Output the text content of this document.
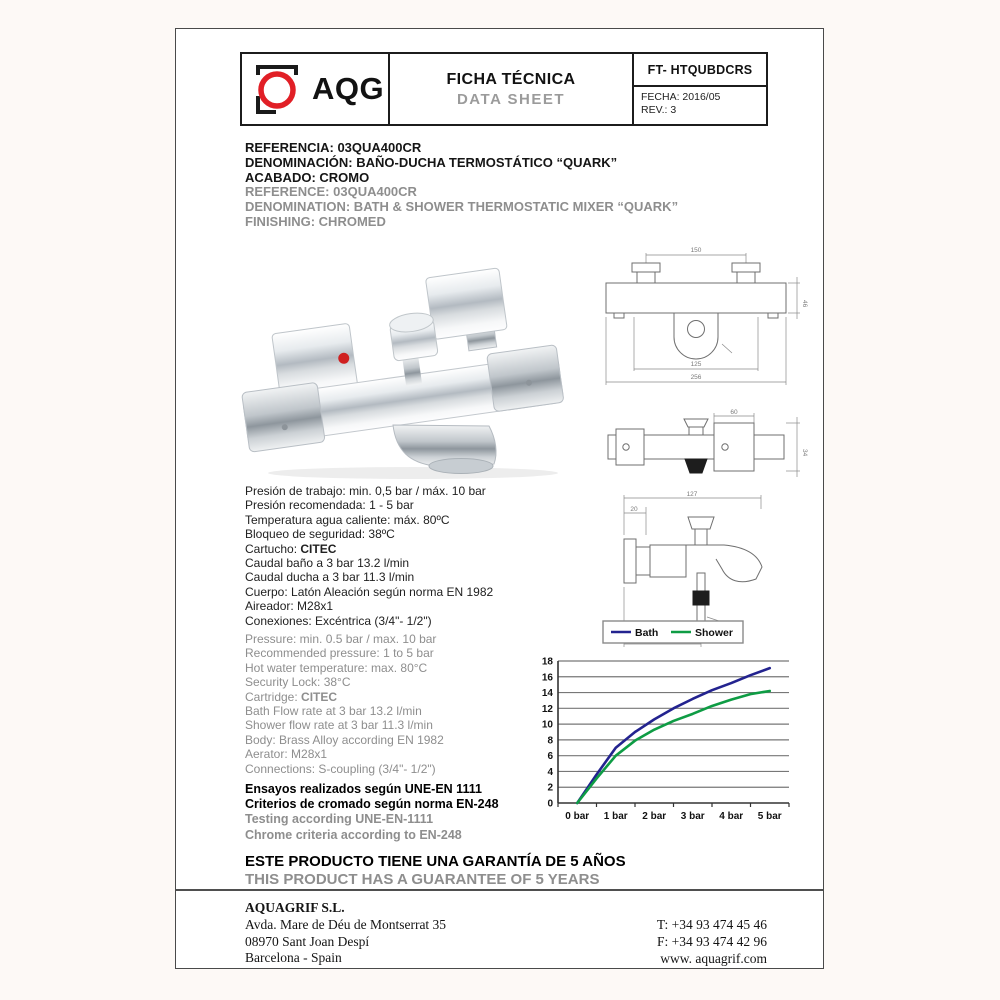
AQG	FICHA TÉCNICA
DATA SHEET
FT- HTQUBDCRS
FECHA: 2016/05
REV.: 3
REFERENCIA: 03QUA400CR
DENOMINACIÓN: BAÑO-DUCHA TERMOSTÁTICO “QUARK”
ACABADO: CROMO
REFERENCE: 03QUA400CR
DENOMINATION: BATH & SHOWER THERMOSTATIC MIXER “QUARK”
FINISHING: CHROMED
150
46
125
256
60
34
127
20
Presión de trabajo: min. 0,5 bar / máx. 10 bar
Presión recomendada: 1 - 5 bar
Temperatura agua caliente: máx. 80ºC
Bloqueo de seguridad: 38ºC
Cartucho: CITEC
Caudal baño a 3 bar 13.2 l/min
Caudal ducha a 3 bar 11.3 l/min
Cuerpo: Latón Aleación según norma EN 1982
Aireador: M28x1
Conexiones: Excéntrica (3/4"- 1/2")
Pressure: min. 0.5 bar / max. 10 bar
Recommended pressure: 1 to 5 bar
Hot water temperature: max. 80°C
Security Lock: 38°C
Cartridge: CITEC
Bath Flow rate at 3 bar 13.2 l/min
Shower flow rate at 3 bar 11.3 l/min
Body: Brass Alloy according EN 1982
Aerator: M28x1
Connections: S-coupling (3/4"- 1/2")
Ensayos realizados según UNE-EN 1111
Criterios de cromado según norma EN-248
Testing according UNE-EN-1111
Chrome criteria according to EN-248
ESTE PRODUCTO TIENE UNA GARANTÍA DE 5 AÑOS
THIS PRODUCT HAS A GUARANTEE OF 5 YEARS
0
2
4
6
8
10
12
14
16
18
0 bar 1 bar 2 bar 3 bar 4 bar 5 bar
Bath	Shower
AQUAGRIF S.L.
Avda. Mare de Déu de Montserrat 35
08970 Sant Joan Despí
Barcelona - Spain
T: +34 93 474 45 46
F: +34 93 474 42 96
www. aquagrif.com
